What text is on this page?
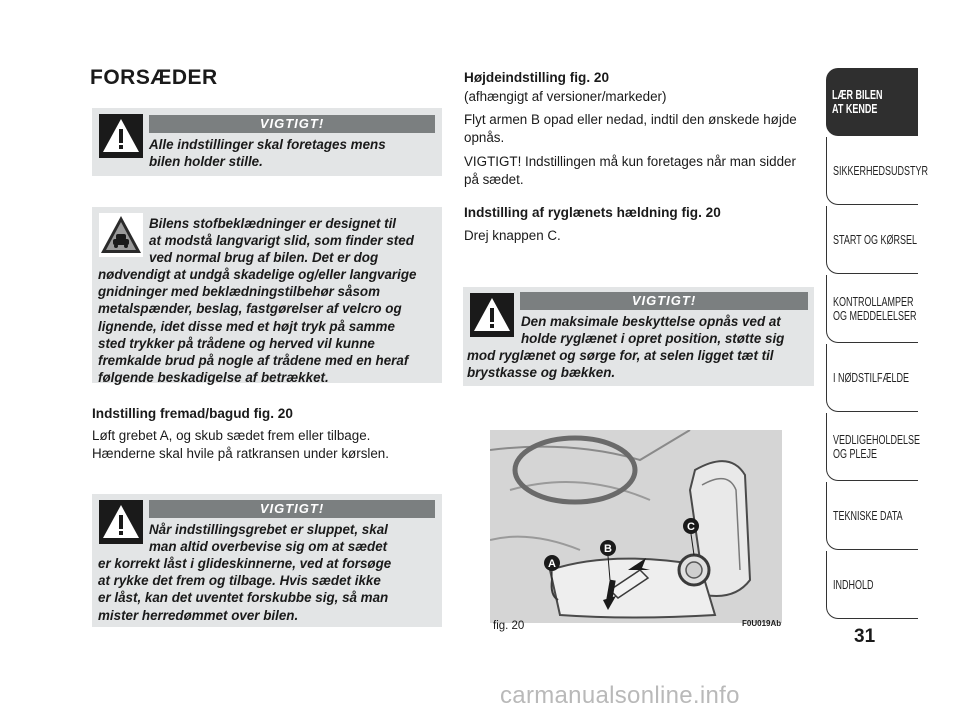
FORSÆDER
VIGTIGT!

Alle indstillinger skal foretages mens
bilen holder stille.

Bilens stofbeklædninger er designet til
at modstå langvarigt slid, som finder sted
ved normal brug af bilen. Det er dog

nødvendigt at undgå skadelige og/eller langvarige
gnidninger med beklædningstilbehør såsom
metalspænder, beslag, fastgørelser af velcro og
lignende, idet disse med et højt tryk på samme
sted trykker på trådene og herved vil kunne
fremkalde brud på nogle af trådene med en heraf
følgende beskadigelse af betrækket.

Indstilling fremad/bagud fig. 20

Løft grebet A, og skub sædet frem eller tilbage.
Hænderne skal hvile på ratkransen under kørslen.

VIGTIGT!

Når indstillingsgrebet er sluppet, skal
man altid overbevise sig om at sædet

er korrekt låst i glideskinnerne, ved at forsøge
at rykke det frem og tilbage. Hvis sædet ikke
er låst, kan det uventet forskubbe sig, så man
mister herredømmet over bilen.

Højdeindstilling fig. 20
(afhængigt af versioner/markeder)

Flyt armen B opad eller nedad, indtil den ønskede højde
opnås.

VIGTIGT! Indstillingen må kun foretages når man sidder
på sædet.

Indstilling af ryglænets hældning fig. 20
Drej knappen C.
VIGTIGT!

Den maksimale beskyttelse opnås ved at
holde ryglænet i opret position, støtte sig

mod ryglænet og sørge for, at selen ligget tæt til
brystkasse og bækken.

A
B
C
fig. 20	F0U019Ab
LÆR BILEN
AT KENDE
SIKKERHEDSUDSTYR
START OG KØRSEL
KONTROLLAMPER
OG MEDDELELSER
I NØDSTILFÆLDE
VEDLIGEHOLDELSE
OG PLEJE
TEKNISKE DATA
INDHOLD
31
carmanualsonline.info
